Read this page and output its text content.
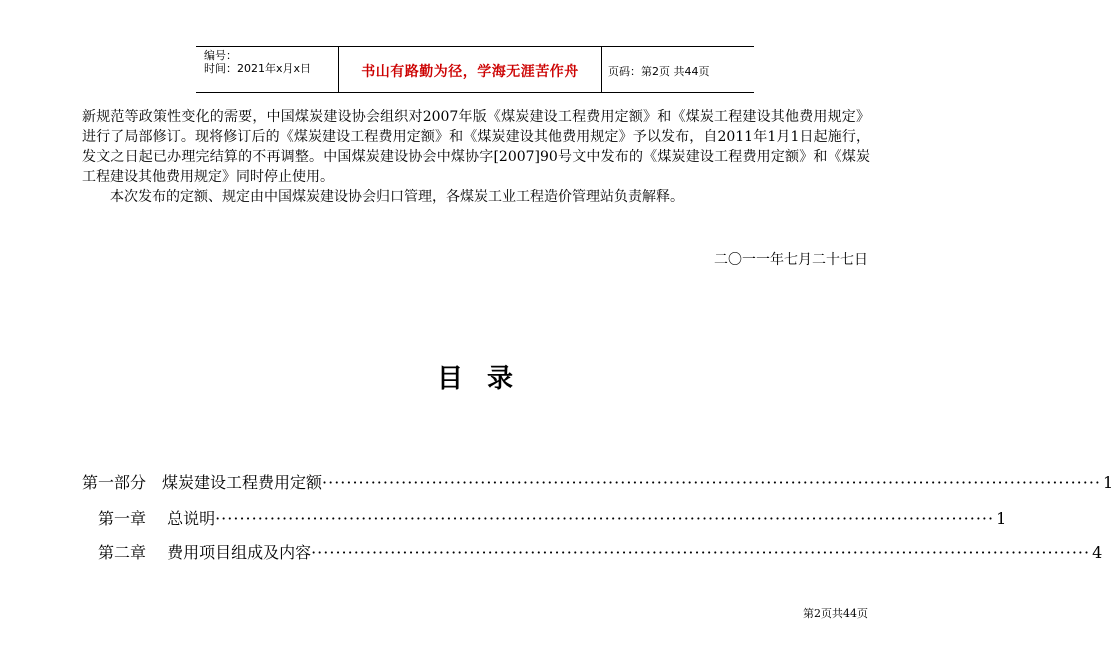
编号：
时间：2021年x月x日	书山有路勤为径，学海无涯苦作舟	页码：第2页 共44页

新规范等政策性变化的需要，中国煤炭建设协会组织对2007年版《煤炭建设工程费用定额》和《煤炭工程建设其他费用规定》进行了局部修订。现将修订后的《煤炭建设工程费用定额》和《煤炭建设其他费用规定》予以发布，自2011年1月1日起施行，发文之日起已办理完结算的不再调整。中国煤炭建设协会中煤协字[2007]90号文中发布的《煤炭建设工程费用定额》和《煤炭工程建设其他费用规定》同时停止使用。

本次发布的定额、规定由中国煤炭建设协会归口管理，各煤炭工业工程造价管理站负责解释。

二〇一一年七月二十七日
目录
第一部分　煤炭建设工程费用定额 ································································································································ 1
第一章　 总说明 ································································································································ 1
第二章　 费用项目组成及内容 ································································································································ 4
第2页共44页
